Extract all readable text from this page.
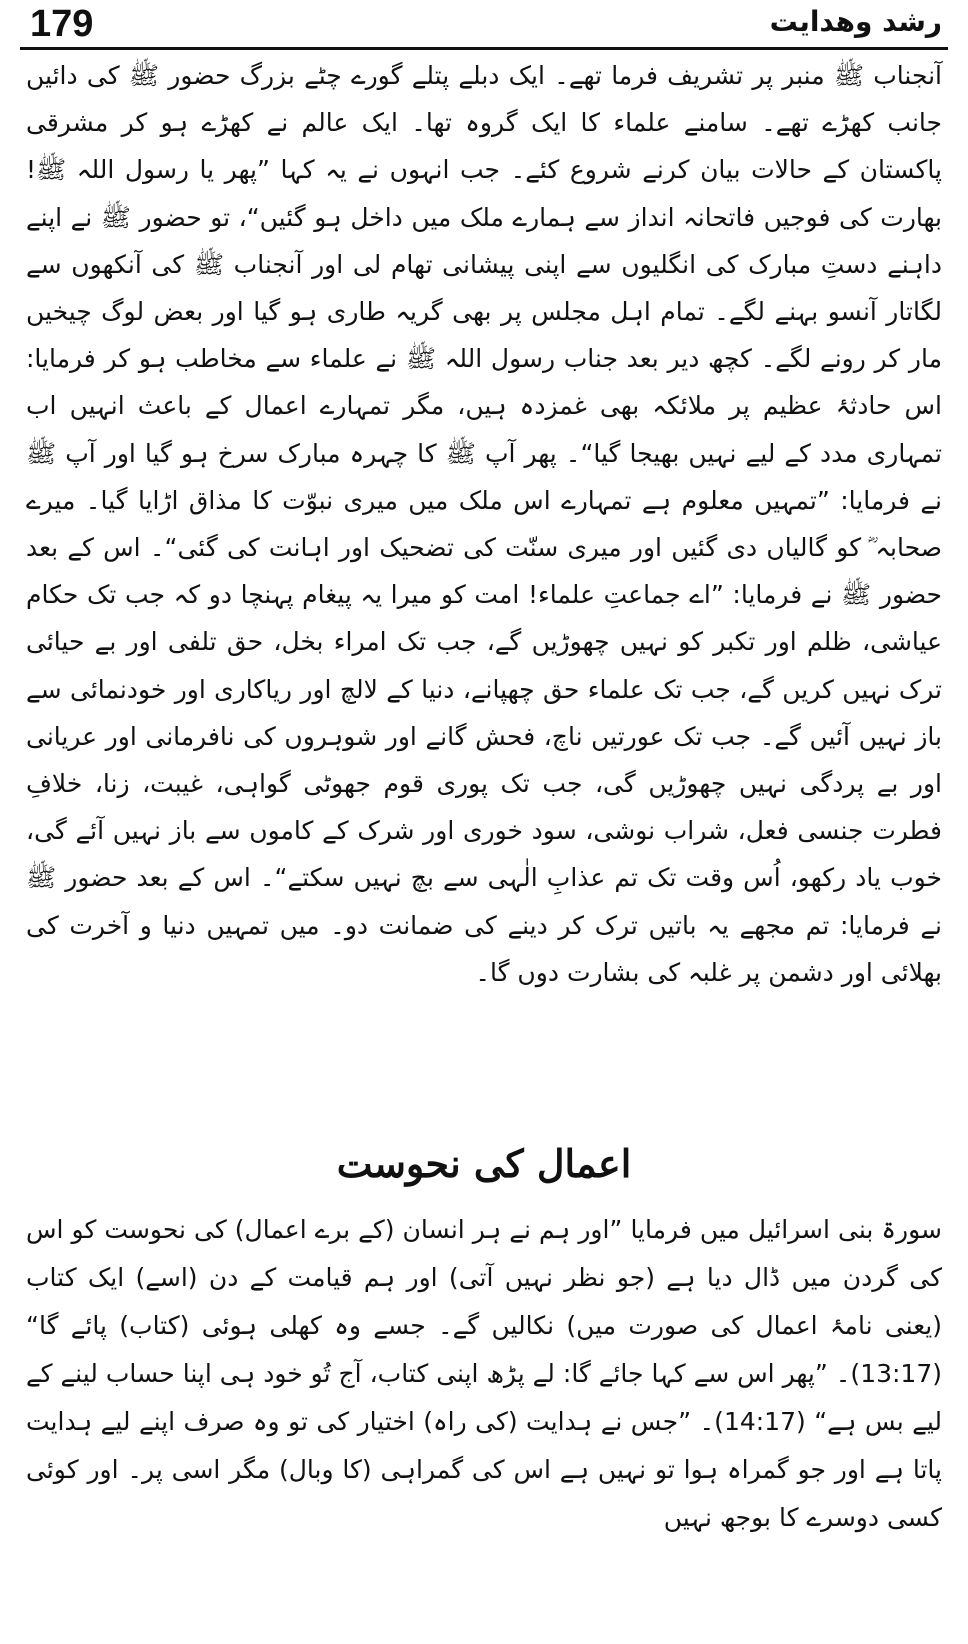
179	رشد وھدایت

آنجناب ﷺ منبر پر تشریف فرما تھے۔ ایک دبلے پتلے گورے چٹے بزرگ حضور ﷺ کی دائیں جانب کھڑے تھے۔ سامنے علماء کا ایک گروہ تھا۔ ایک عالم نے کھڑے ہو کر مشرقی پاکستان کے حالات بیان کرنے شروع کئے۔ جب انہوں نے یہ کہا ”پھر یا رسول اللہ ﷺ! بھارت کی فوجیں فاتحانہ انداز سے ہمارے ملک میں داخل ہو گئیں“، تو حضور ﷺ نے اپنے داہنے دستِ مبارک کی انگلیوں سے اپنی پیشانی تھام لی اور آنجناب ﷺ کی آنکھوں سے لگاتار آنسو بہنے لگے۔ تمام اہل مجلس پر بھی گریہ طاری ہو گیا اور بعض لوگ چیخیں مار کر رونے لگے۔ کچھ دیر بعد جناب رسول اللہ ﷺ نے علماء سے مخاطب ہو کر فرمایا: اس حادثۂ عظیم پر ملائکہ بھی غمزدہ ہیں، مگر تمہارے اعمال کے باعث انہیں اب تمہاری مدد کے لیے نہیں بھیجا گیا“۔ پھر آپ ﷺ کا چہرہ مبارک سرخ ہو گیا اور آپ ﷺ نے فرمایا: ”تمہیں معلوم ہے تمہارے اس ملک میں میری نبوّت کا مذاق اڑایا گیا۔ میرے صحابہ ؓ کو گالیاں دی گئیں اور میری سنّت کی تضحیک اور اہانت کی گئی“۔ اس کے بعد حضور ﷺ نے فرمایا: ”اے جماعتِ علماء! امت کو میرا یہ پیغام پہنچا دو کہ جب تک حکام عیاشی، ظلم اور تکبر کو نہیں چھوڑیں گے، جب تک امراء بخل، حق تلفی اور بے حیائی ترک نہیں کریں گے، جب تک علماء حق چھپانے، دنیا کے لالچ اور ریاکاری اور خودنمائی سے باز نہیں آئیں گے۔ جب تک عورتیں ناچ، فحش گانے اور شوہروں کی نافرمانی اور عریانی اور بے پردگی نہیں چھوڑیں گی، جب تک پوری قوم جھوٹی گواہی، غیبت، زنا، خلافِ فطرت جنسی فعل، شراب نوشی، سود خوری اور شرک کے کاموں سے باز نہیں آئے گی، خوب یاد رکھو، اُس وقت تک تم عذابِ الٰہی سے بچ نہیں سکتے“۔ اس کے بعد حضور ﷺ نے فرمایا: تم مجھے یہ باتیں ترک کر دینے کی ضمانت دو۔ میں تمہیں دنیا و آخرت کی بھلائی اور دشمن پر غلبہ کی بشارت دوں گا۔

اعمال کی نحوست

سورۃ بنی اسرائیل میں فرمایا ”اور ہم نے ہر انسان (کے برے اعمال) کی نحوست کو اس کی گردن میں ڈال دیا ہے (جو نظر نہیں آتی) اور ہم قیامت کے دن (اسے) ایک کتاب (یعنی نامۂ اعمال کی صورت میں) نکالیں گے۔ جسے وہ کھلی ہوئی (کتاب) پائے گا“ (13:17)۔ ”پھر اس سے کہا جائے گا: لے پڑھ اپنی کتاب، آج تُو خود ہی اپنا حساب لینے کے لیے بس ہے“ (14:17)۔ ”جس نے ہدایت (کی راہ) اختیار کی تو وہ صرف اپنے لیے ہدایت پاتا ہے اور جو گمراہ ہوا تو نہیں ہے اس کی گمراہی (کا وبال) مگر اسی پر۔ اور کوئی کسی دوسرے کا بوجھ نہیں
